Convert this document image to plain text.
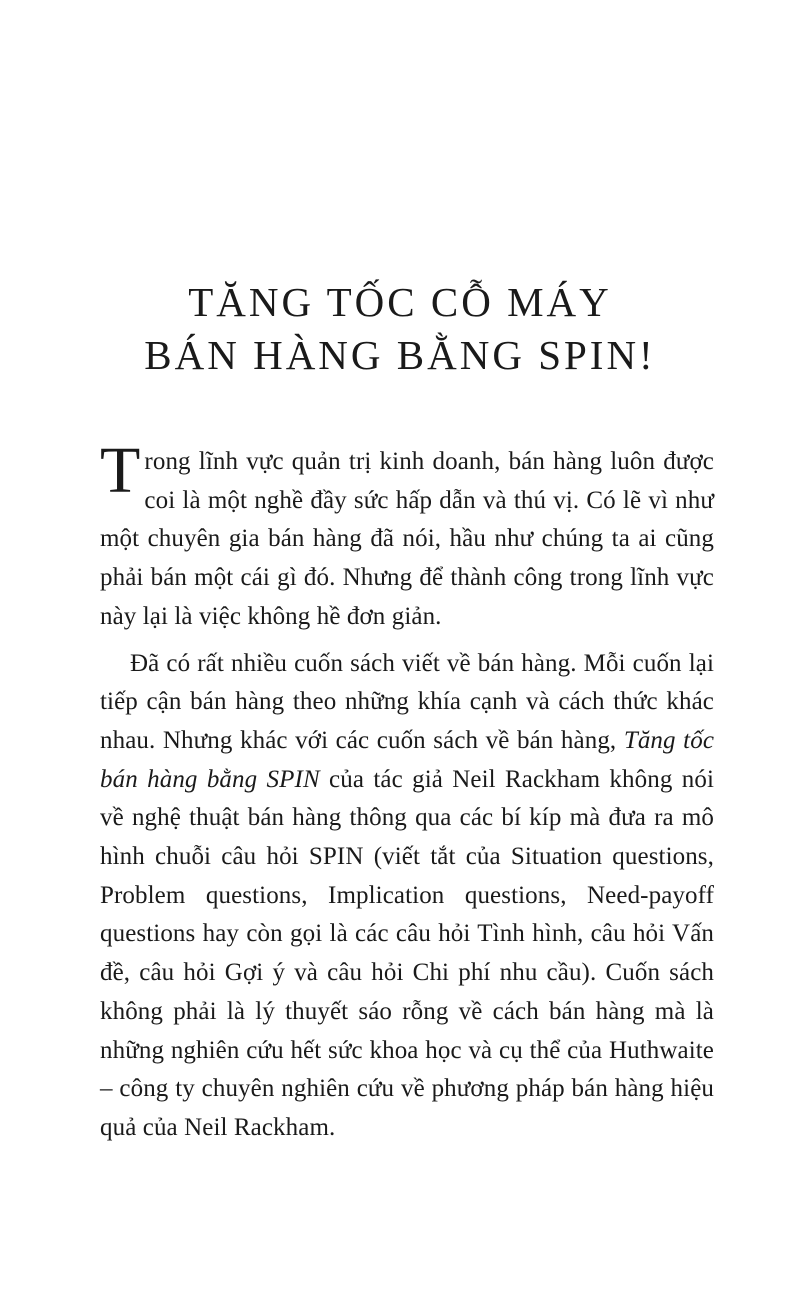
TĂNG TỐC CỖ MÁY
BÁN HÀNG BẰNG SPIN!

Trong lĩnh vực quản trị kinh doanh, bán hàng luôn được coi là một nghề đầy sức hấp dẫn và thú vị. Có lẽ vì như một chuyên gia bán hàng đã nói, hầu như chúng ta ai cũng phải bán một cái gì đó. Nhưng để thành công trong lĩnh vực này lại là việc không hề đơn giản.

Đã có rất nhiều cuốn sách viết về bán hàng. Mỗi cuốn lại tiếp cận bán hàng theo những khía cạnh và cách thức khác nhau. Nhưng khác với các cuốn sách về bán hàng, Tăng tốc bán hàng bằng SPIN của tác giả Neil Rackham không nói về nghệ thuật bán hàng thông qua các bí kíp mà đưa ra mô hình chuỗi câu hỏi SPIN (viết tắt của Situation questions, Problem questions, Implication questions, Need-payoff questions hay còn gọi là các câu hỏi Tình hình, câu hỏi Vấn đề, câu hỏi Gợi ý và câu hỏi Chi phí nhu cầu). Cuốn sách không phải là lý thuyết sáo rỗng về cách bán hàng mà là những nghiên cứu hết sức khoa học và cụ thể của Huthwaite – công ty chuyên nghiên cứu về phương pháp bán hàng hiệu quả của Neil Rackham.
